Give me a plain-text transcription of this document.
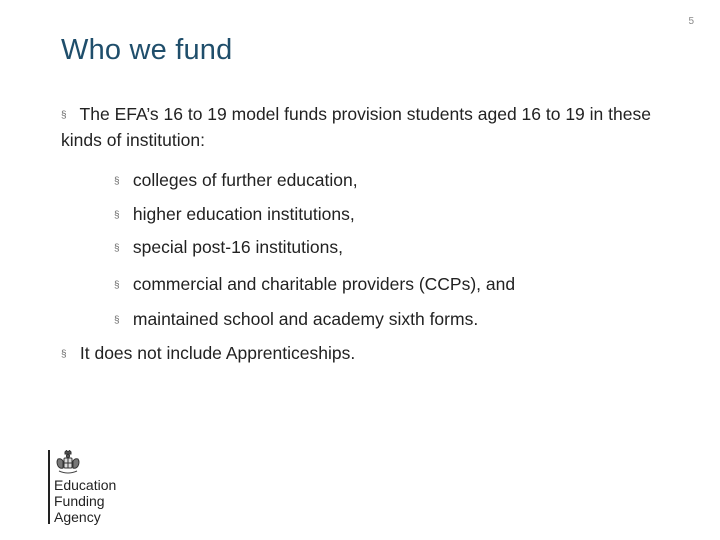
5
Who we fund

§ The EFA’s 16 to 19 model funds provision students aged 16 to 19 in these kinds of institution:

§ colleges of further education,
§ higher education institutions,
§ special post-16 institutions,
§ commercial and charitable providers (CCPs), and
§ maintained school and academy sixth forms.

§ It does not include Apprenticeships.

Education
Funding
Agency
